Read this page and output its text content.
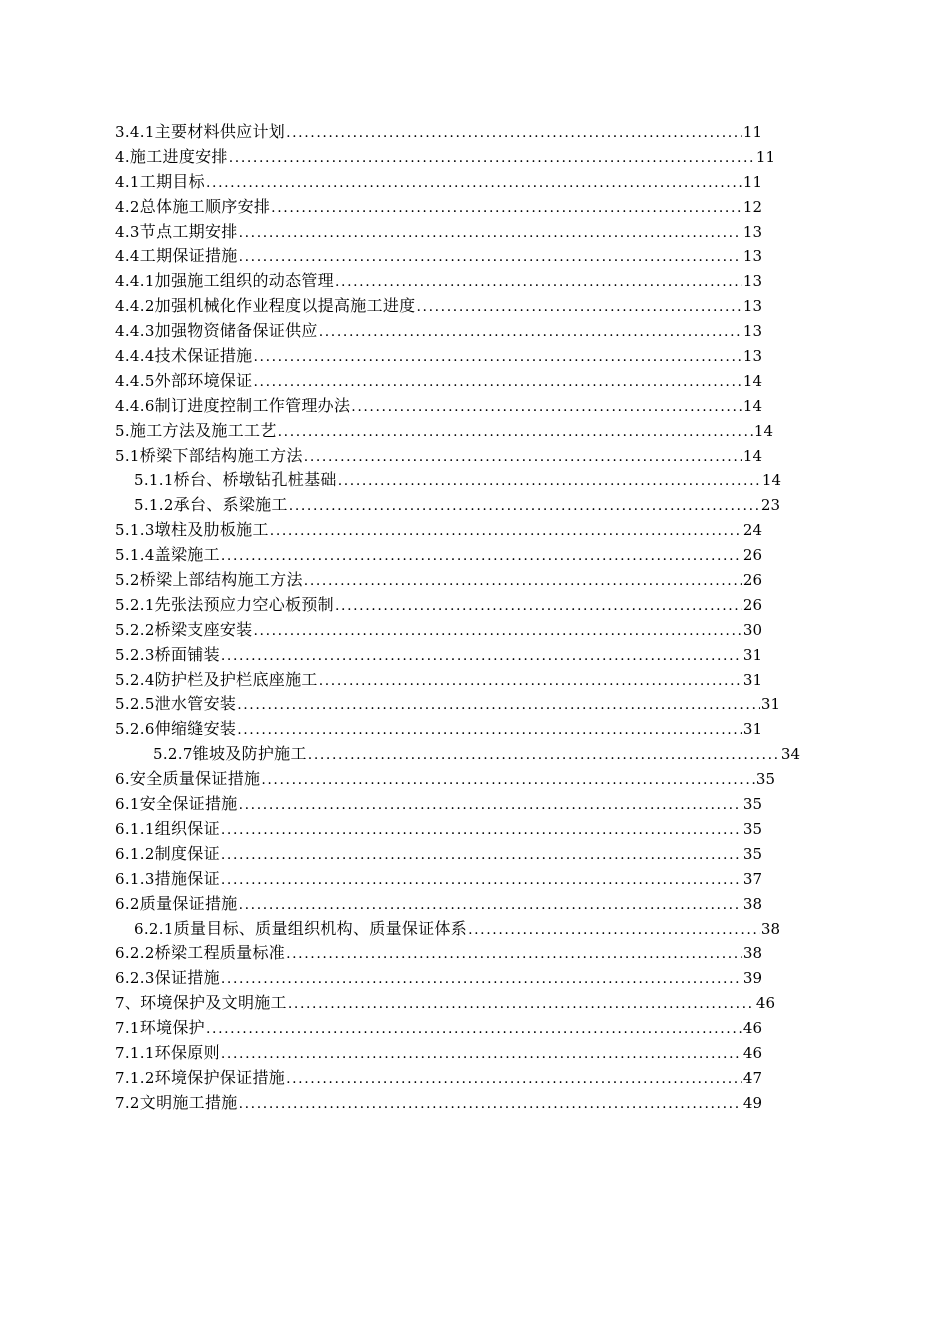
3.4.1主要材料供应计划 .....	11
4.施工进度安排 .....	11
4.1工期目标 .....	11
4.2总体施工顺序安排 .....	12
4.3节点工期安排 .....	13
4.4工期保证措施 .....	13
4.4.1加强施工组织的动态管理 .....	13
4.4.2加强机械化作业程度以提高施工进度 .....	13
4.4.3加强物资储备保证供应 .....	13
4.4.4技术保证措施 .....	13
4.4.5外部环境保证 .....	14
4.4.6制订进度控制工作管理办法 .....	14
5.施工方法及施工工艺 .....	14
5.1桥梁下部结构施工方法 .....	14
5.1.1桥台、桥墩钻孔桩基础 .....	14
5.1.2承台、系梁施工 .....	23
5.1.3墩柱及肋板施工 .....	24
5.1.4盖梁施工 .....	26
5.2桥梁上部结构施工方法 .....	26
5.2.1先张法预应力空心板预制 .....	26
5.2.2桥梁支座安装 .....	30
5.2.3桥面铺装 .....	31
5.2.4防护栏及护栏底座施工 .....	31
5.2.5泄水管安装 .....	31
5.2.6伸缩缝安装 .....	31
5.2.7锥坡及防护施工 .....	34
6.安全质量保证措施 .....	35
6.1安全保证措施 .....	35
6.1.1组织保证 .....	35
6.1.2制度保证 .....	35
6.1.3措施保证 .....	37
6.2质量保证措施 .....	38
6.2.1质量目标、质量组织机构、质量保证体系 .....	38
6.2.2桥梁工程质量标准 .....	38
6.2.3保证措施 .....	39
7、环境保护及文明施工 .....	46
7.1环境保护 .....	46
7.1.1环保原则 .....	46
7.1.2环境保护保证措施 .....	47
7.2文明施工措施 .....	49
